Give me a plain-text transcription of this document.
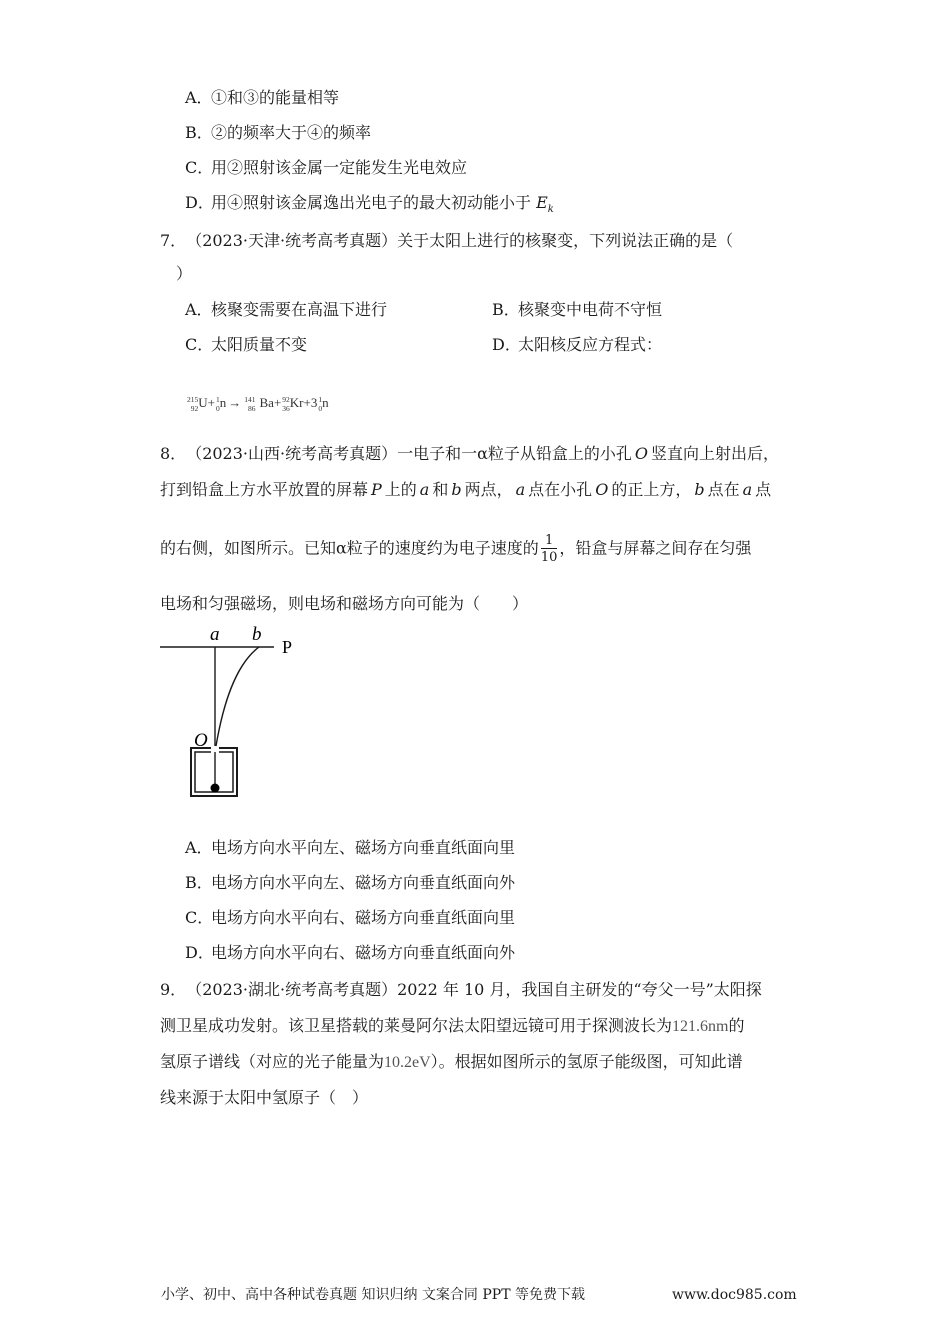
A．①和③的能量相等
B．②的频率大于④的频率
C．用②照射该金属一定能发生光电效应
D．用④照射该金属逸出光电子的最大初动能小于 $E_k$
7． （2023·天津·统考高考真题）关于太阳上进行的核聚变，下列说法正确的是（
）
A．核聚变需要在高温下进行	B．核聚变中电荷不守恒
C．太阳质量不变	D．太阳核反应方程式：
215
92 U+ 1
0 n → 141
86 Ba+ 92
36 Kr+3 1
0 n
8． （2023·山西·统考高考真题）一电子和一α粒子从铅盒上的小孔 O 竖直向上射出后，
打到铅盒上方水平放置的屏幕 P 上的 a 和 b 两点， a 点在小孔 O 的正上方， b 点在 a 点
的右侧，如图所示。已知α粒子的速度约为电子速度的 $\frac{1}{10}$ ，铅盒与屏幕之间存在匀强
电场和匀强磁场，则电场和磁场方向可能为（　　）
a b
P
O
A．电场方向水平向左、磁场方向垂直纸面向里
B．电场方向水平向左、磁场方向垂直纸面向外
C．电场方向水平向右、磁场方向垂直纸面向里
D．电场方向水平向右、磁场方向垂直纸面向外
9． （2023·湖北·统考高考真题）2022 年 10 月，我国自主研发的“夸父一号”太阳探
测卫星成功发射。该卫星搭载的莱曼阿尔法太阳望远镜可用于探测波长为121.6nm的
氢原子谱线（对应的光子能量为10.2eV）。根据如图所示的氢原子能级图，可知此谱
线来源于太阳中氢原子（　）
小学、初中、高中各种试卷真题 知识归纳 文案合同 PPT 等免费下载	www.doc985.com
